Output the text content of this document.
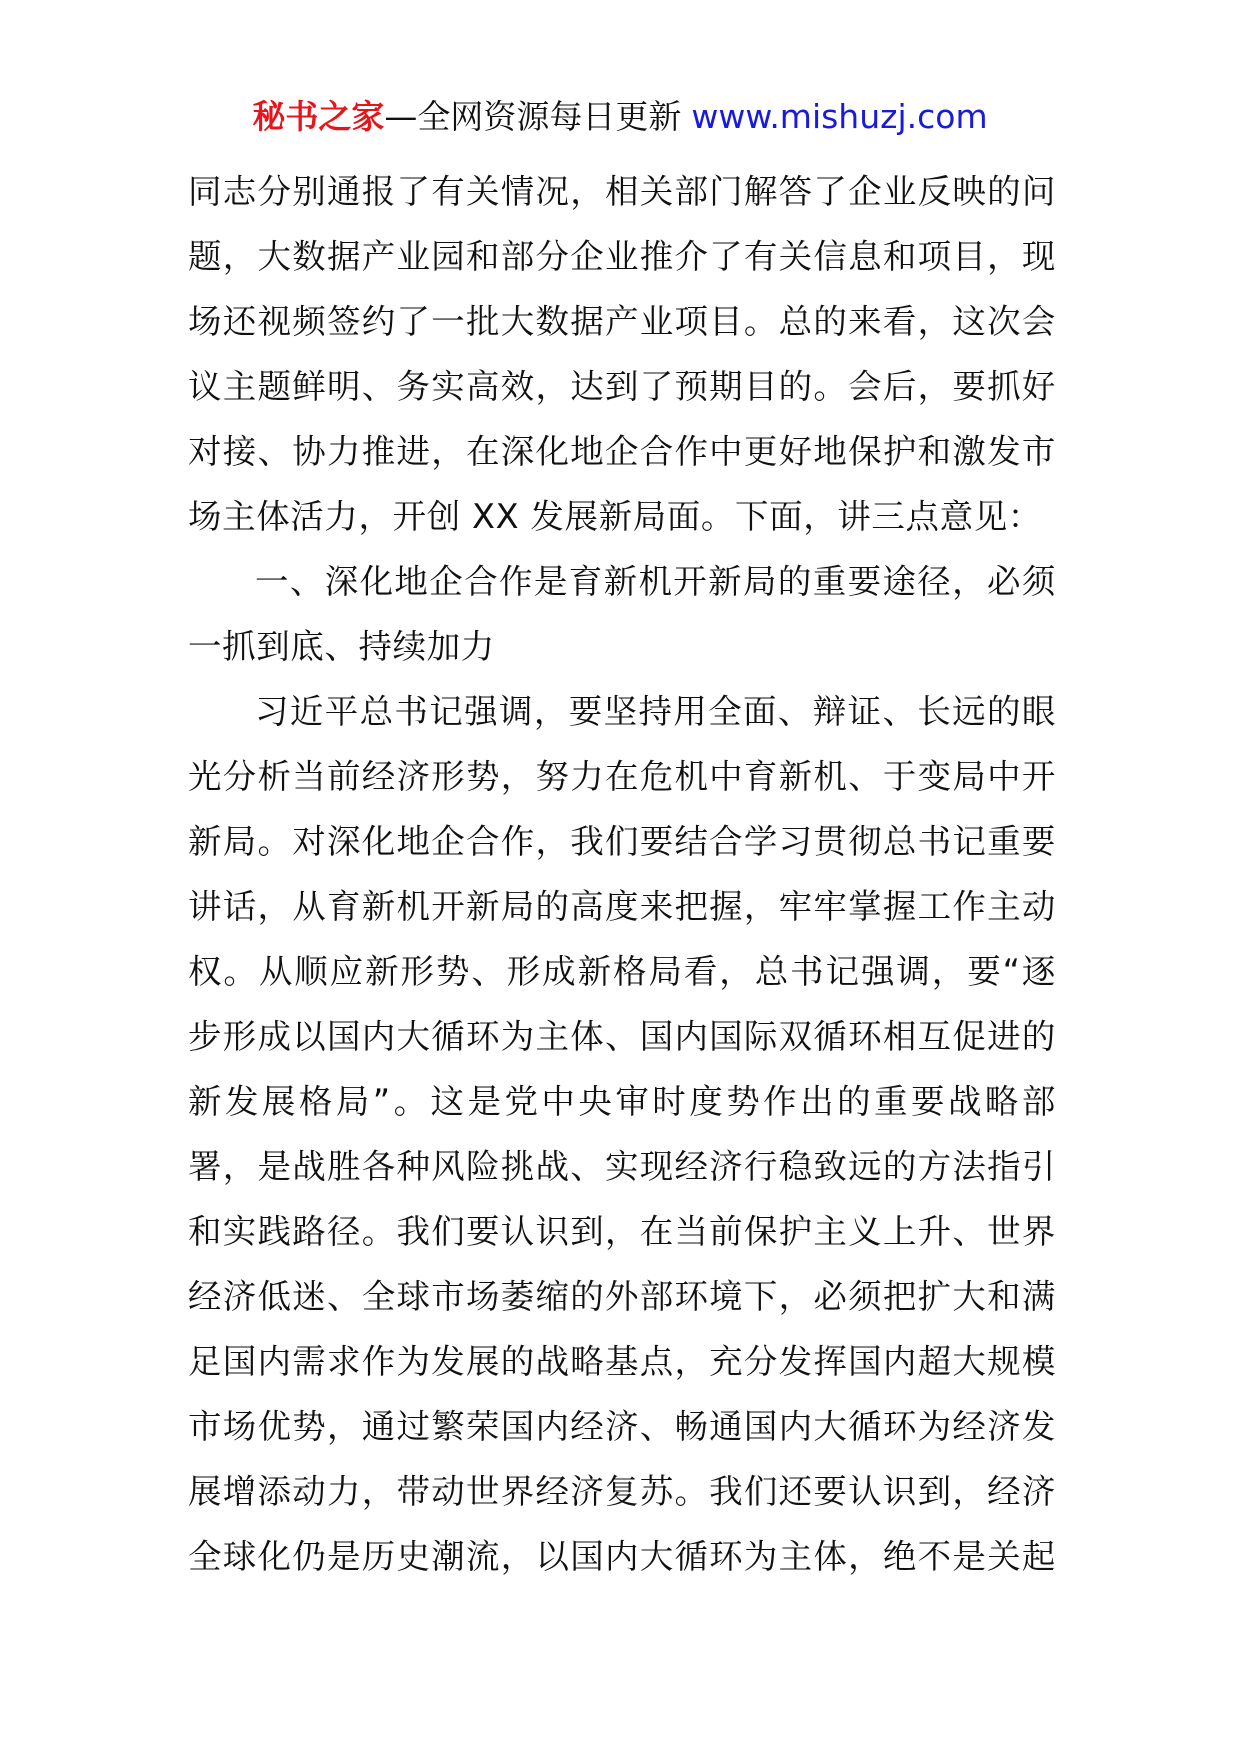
秘书之家—全网资源每日更新 www.mishuzj.com
同志分别通报了有关情况，相关部门解答了企业反映的问
题，大数据产业园和部分企业推介了有关信息和项目，现
场还视频签约了一批大数据产业项目。总的来看，这次会
议主题鲜明、务实高效，达到了预期目的。会后，要抓好
对接、协力推进，在深化地企合作中更好地保护和激发市
场主体活力，开创 XX 发展新局面。下面，讲三点意见：
一、深化地企合作是育新机开新局的重要途径，必须
一抓到底、持续加力
习近平总书记强调，要坚持用全面、辩证、长远的眼
光分析当前经济形势，努力在危机中育新机、于变局中开
新局。对深化地企合作，我们要结合学习贯彻总书记重要
讲话，从育新机开新局的高度来把握，牢牢掌握工作主动
权。从顺应新形势、形成新格局看，总书记强调，要“逐
步形成以国内大循环为主体、国内国际双循环相互促进的
新发展格局”。这是党中央审时度势作出的重要战略部
署，是战胜各种风险挑战、实现经济行稳致远的方法指引
和实践路径。我们要认识到，在当前保护主义上升、世界
经济低迷、全球市场萎缩的外部环境下，必须把扩大和满
足国内需求作为发展的战略基点，充分发挥国内超大规模
市场优势，通过繁荣国内经济、畅通国内大循环为经济发
展增添动力，带动世界经济复苏。我们还要认识到，经济
全球化仍是历史潮流，以国内大循环为主体，绝不是关起
